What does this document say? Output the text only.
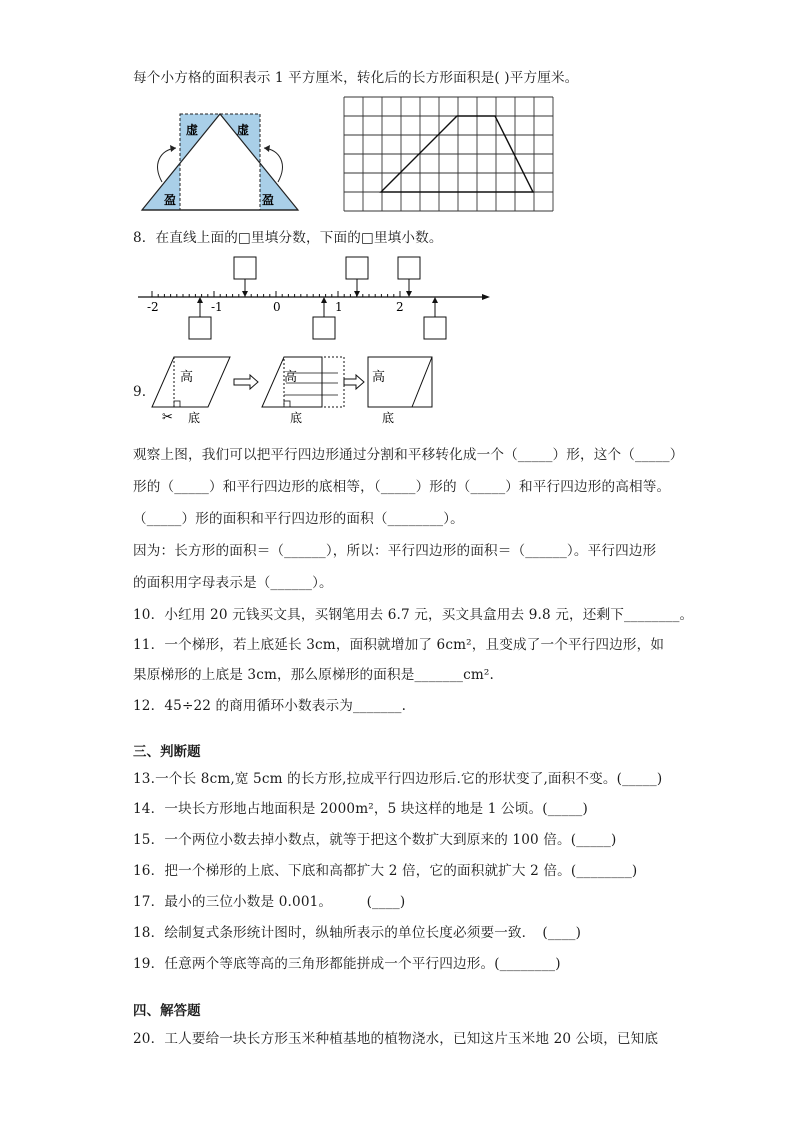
每个小方格的面积表示 1 平方厘米，转化后的长方形面积是( )平方厘米。
虚	虚
盈	盈
8．在直线上面的□里填分数，下面的□里填小数。
-2	-1	0	1	2
9.
高
底
✂
高
底
高
底
观察上图，我们可以把平行四边形通过分割和平移转化成一个（_____）形，这个（_____）
形的（_____）和平行四边形的底相等，（_____）形的（_____）和平行四边形的高相等。
（_____）形的面积和平行四边形的面积（________）。
因为：长方形的面积＝（______），所以：平行四边形的面积＝（______）。平行四边形
的面积用字母表示是（______）。
10．小红用 20 元钱买文具，买钢笔用去 6.7 元，买文具盒用去 9.8 元，还剩下________。
11．一个梯形，若上底延长 3cm，面积就增加了 6cm²，且变成了一个平行四边形，如
果原梯形的上底是 3cm，那么原梯形的面积是_______cm².
12．45÷22 的商用循环小数表示为_______.
三、判断题
13.一个长 8cm,宽 5cm 的长方形,拉成平行四边形后.它的形状变了,面积不变。(_____)
14．一块长方形地占地面积是 2000m²，5 块这样的地是 1 公顷。(_____)
15．一个两位小数去掉小数点，就等于把这个数扩大到原来的 100 倍。(_____)
16．把一个梯形的上底、下底和高都扩大 2 倍，它的面积就扩大 2 倍。(________)
17．最小的三位小数是 0.001。　　　(____)
18．绘制复式条形统计图时，纵轴所表示的单位长度必须要一致．　(____)
19．任意两个等底等高的三角形都能拼成一个平行四边形。(________)
四、解答题
20．工人要给一块长方形玉米种植基地的植物浇水，已知这片玉米地 20 公顷，已知底
